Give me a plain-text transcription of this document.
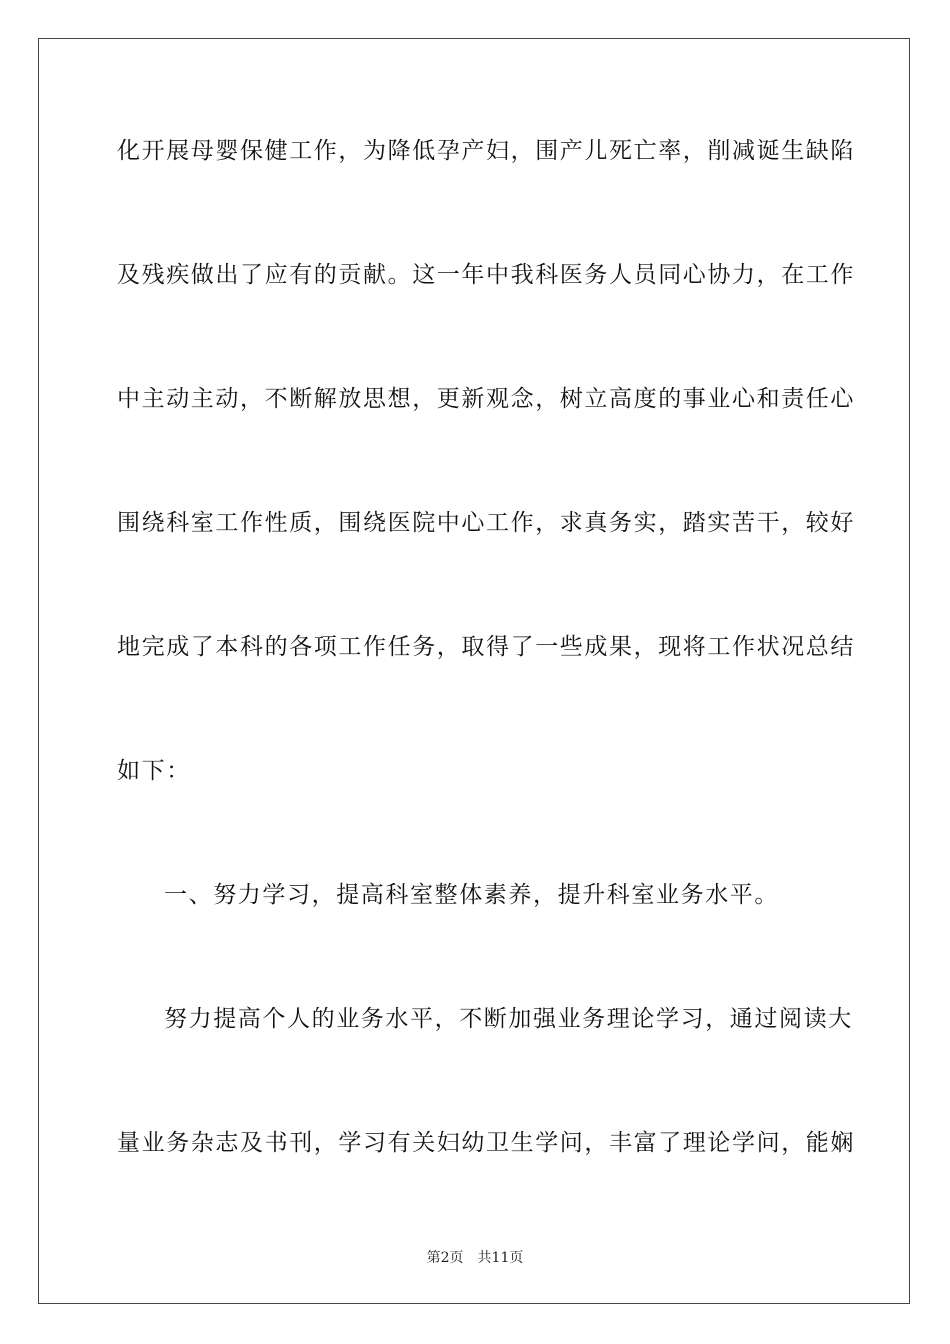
化开展母婴保健工作，为降低孕产妇，围产儿死亡率，削减诞生缺陷

及残疾做出了应有的贡献。这一年中我科医务人员同心协力，在工作

中主动主动，不断解放思想，更新观念，树立高度的事业心和责任心

围绕科室工作性质，围绕医院中心工作，求真务实，踏实苦干，较好

地完成了本科的各项工作任务，取得了一些成果，现将工作状况总结

如下：

一、努力学习，提高科室整体素养，提升科室业务水平。

努力提高个人的业务水平，不断加强业务理论学习，通过阅读大

量业务杂志及书刊，学习有关妇幼卫生学问，丰富了理论学问，能娴

第2页 共11页
